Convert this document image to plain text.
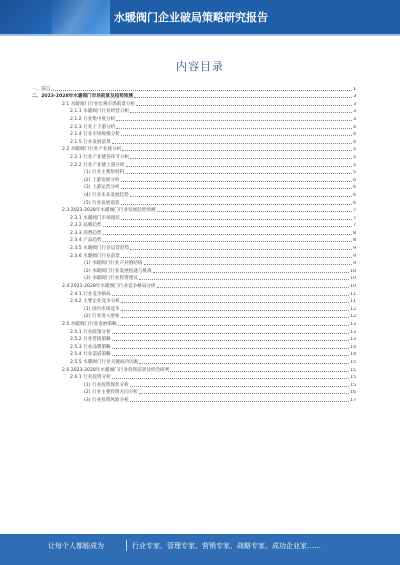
水暖阀门企业破局策略研究报告
内容目录
一、前言	1
二、2023-2028年水暖阀门市场前景及趋势预测	3
2.1 水暖阀门行业宏观市场前景分析	3
2.1.1 水暖阀门行业经营分析	3
2.1.2 行业集中度分析	3
2.1.3 行业上下游分析	4
2.1.4 行业市场规模分析	4
2.1.5 行业发展前景	4
2.2 水暖阀门行业产业链分析	5
2.2.1 行业产业链各环节分析	5
2.2.2 行业产业链上游分析	5
(1) 行业主要原材料	5
(2) 上游发展分析	6
(3) 上游运营分析	6
(4) 行业未来发展趋势	6
(5) 行业发展前景	6
2.3 2023-2028年水暖阀门行业发展趋势预测	7
2.3.1 水暖阀门市场现状	7
2.3.2 品牌趋势	7
2.3.3 消费趋势	8
2.3.4 产品趋势	8
2.3.5 水暖阀门行业运营趋势	9
2.3.6 水暖阀门行业前景	9
(1) 水暖阀门行业产业链结构	9
(2) 水暖阀门行业发展机遇与挑战	10
(3) 水暖阀门行业投资建议	10
2.4 2023-2028年水暖阀门行业竞争格局分析	10
2.4.1 行业竞争格局	11
2.4.2 主要企业竞争分析	11
(1) 国内市场竞争	12
(2) 行业进入壁垒	12
2.5 水暖阀门行业发展策略	13
2.5.1 行业政策分析	13
2.5.2 行业营销策略	13
2.5.3 行业品牌策略	14
2.5.4 行业渠道策略	14
2.5.5 水暖阀门行业关键成功因素	15
2.6 2023-2028年水暖阀门行业投资前景及机会研判	15
2.6.1 行业投资分析	15
(1) 行业投资现状分析	15
(2) 行业主要投资方向分析	16
(3) 行业投资风险分析	17
让每个人都能成为	行业专家、管理专家、营销专家、战略专家、成功企业家……
